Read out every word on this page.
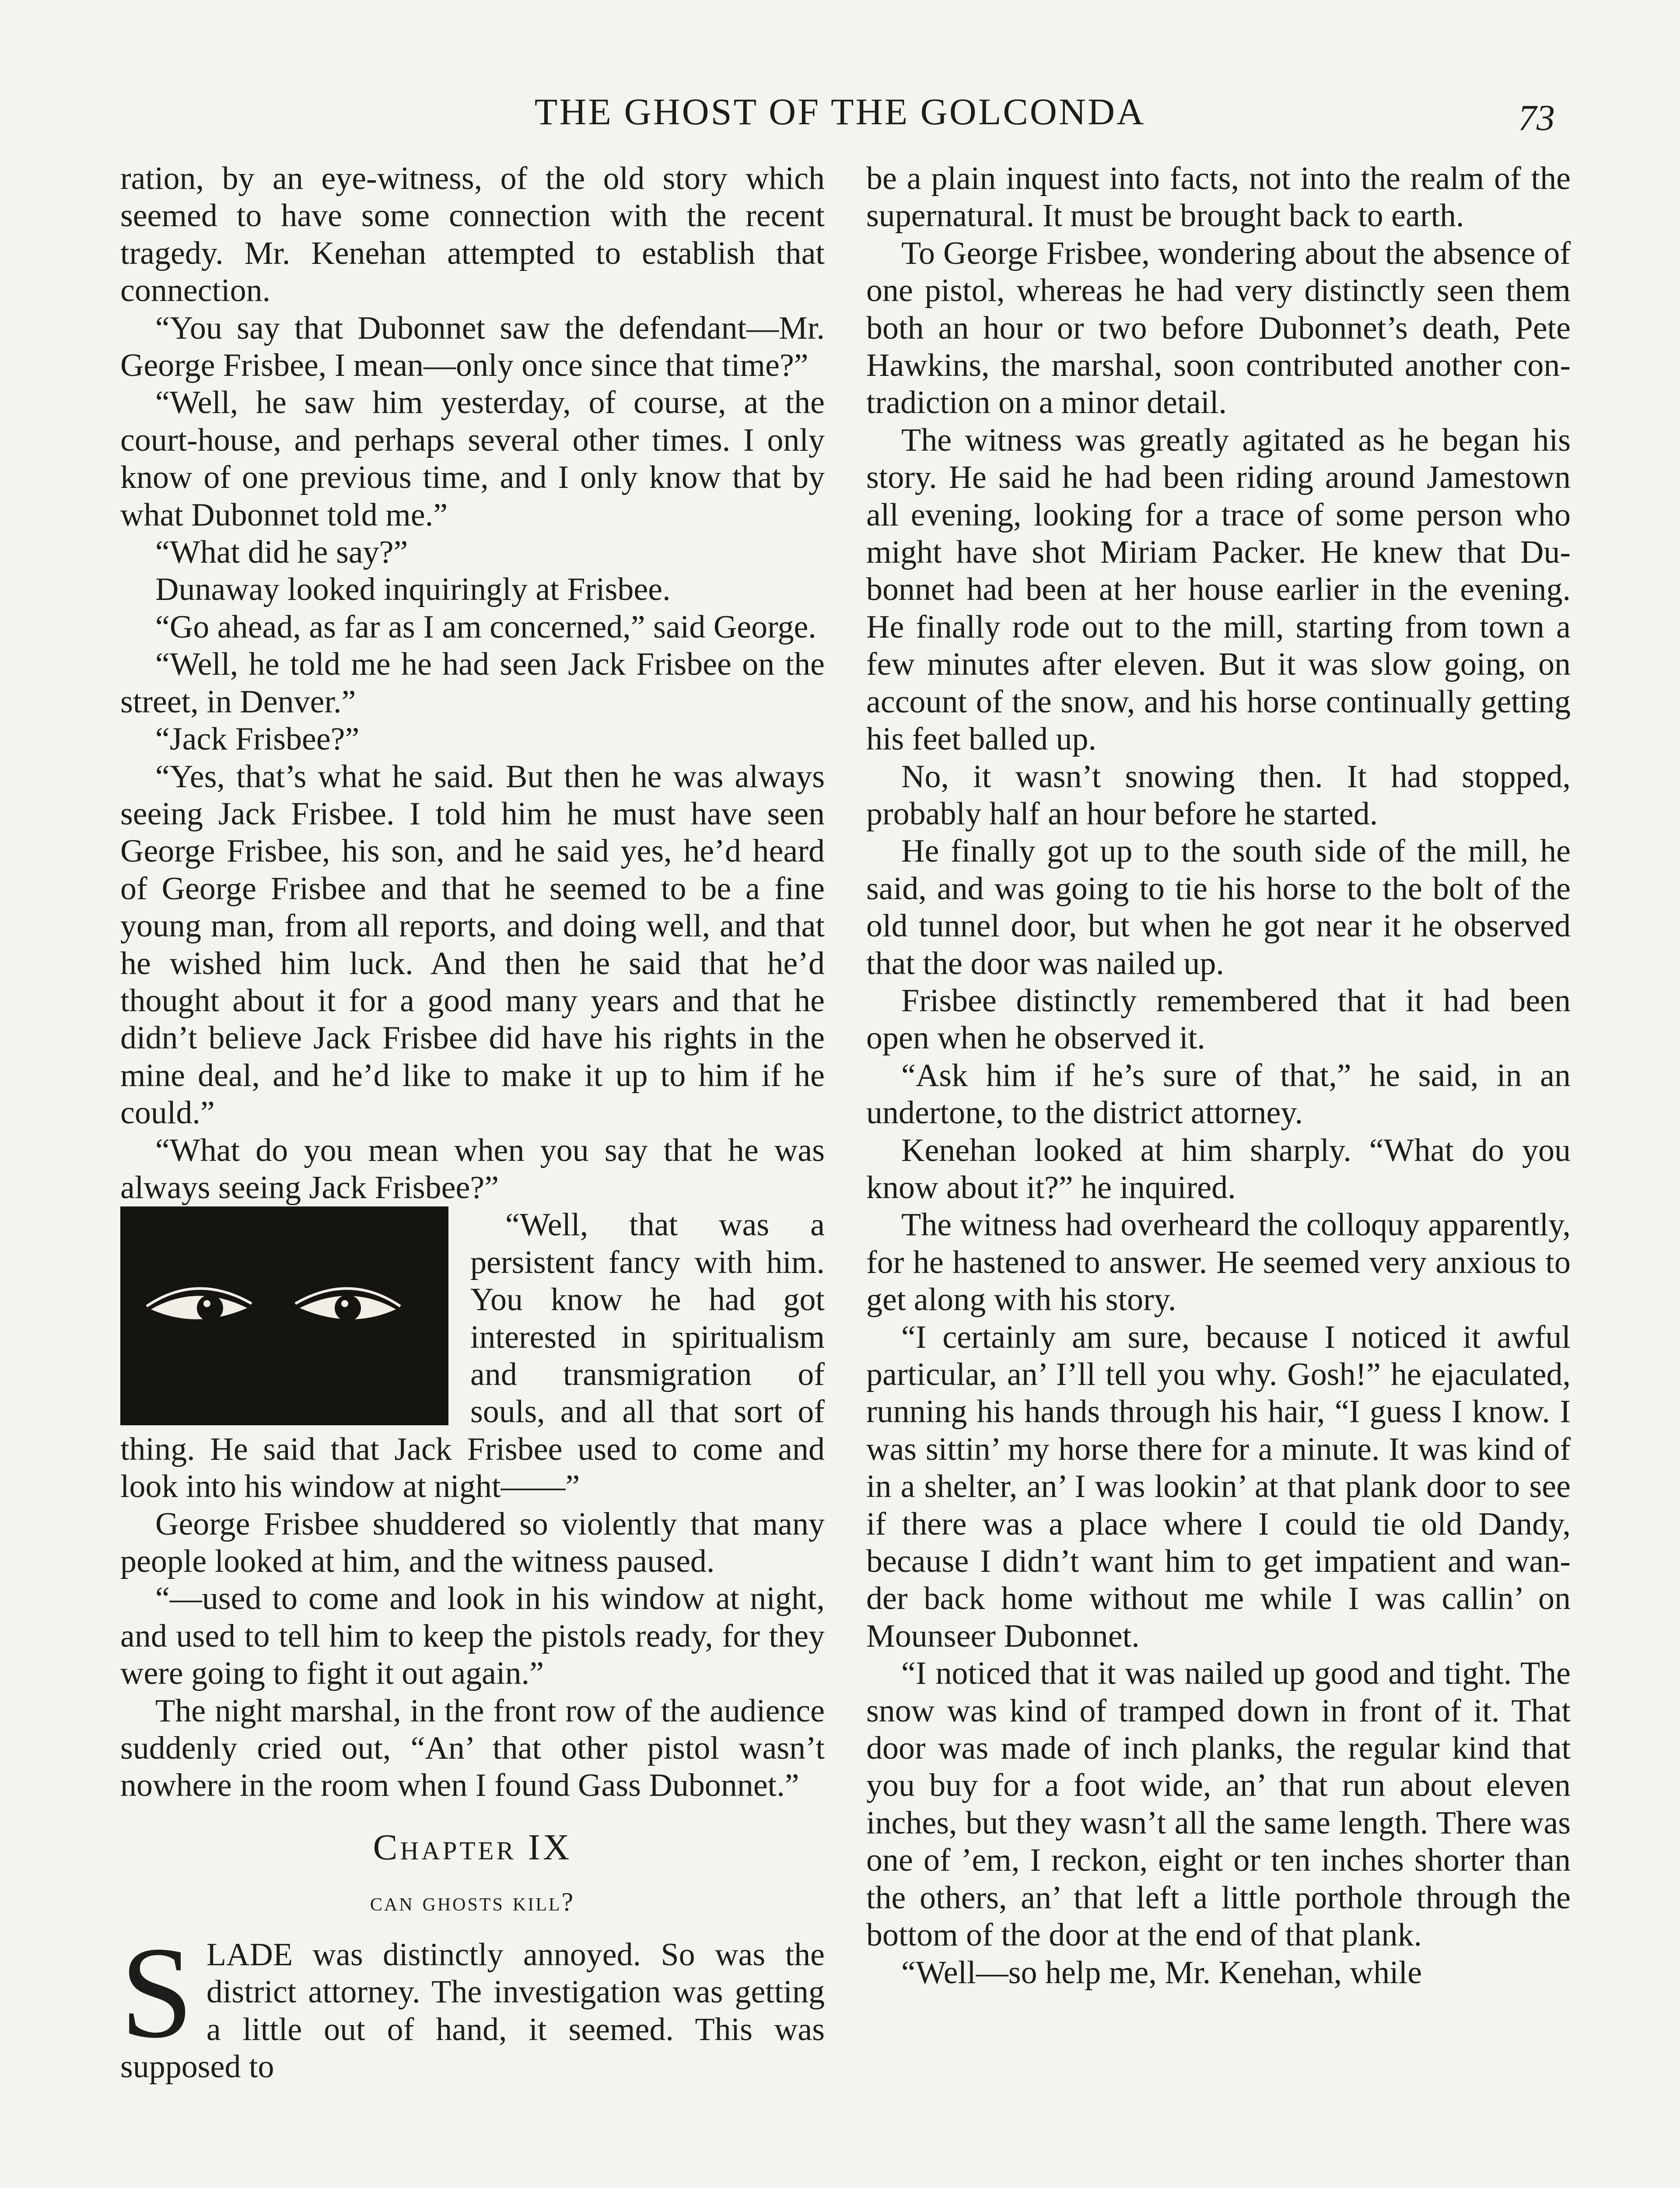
THE GHOST OF THE GOLCONDA	73

ration, by an eye-witness, of the old story which seemed to have some connection with the recent tragedy. Mr. Kenehan attempted to establish that connection.

“You say that Dubonnet saw the defendant—Mr. George Frisbee, I mean—only once since that time?”

“Well, he saw him yesterday, of course, at the court-house, and perhaps several other times. I only know of one previous time, and I only know that by what Dubonnet told me.”

“What did he say?”

Dunaway looked inquiringly at Frisbee.

“Go ahead, as far as I am concerned,” said George.

“Well, he told me he had seen Jack Frisbee on the street, in Denver.”

“Jack Frisbee?”

“Yes, that’s what he said. But then he was always seeing Jack Frisbee. I told him he must have seen George Frisbee, his son, and he said yes, he’d heard of George Frisbee and that he seemed to be a fine young man, from all reports, and doing well, and that he wished him luck. And then he said that he’d thought about it for a good many years and that he didn’t believe Jack Frisbee did have his rights in the mine deal, and he’d like to make it up to him if he could.”

“What do you mean when you say that he was always seeing Jack Frisbee?”

“Well, that was a persistent fancy with him. You know he had got interested in spiritualism and transmigration of souls, and all that sort of thing. He said that Jack Frisbee used to come and look into his window at night——”

George Frisbee shuddered so violently that many people looked at him, and the witness paused.

“—used to come and look in his window at night, and used to tell him to keep the pistols ready, for they were going to fight it out again.”

The night marshal, in the front row of the audience suddenly cried out, “An’ that other pistol wasn’t nowhere in the room when I found Gass Dubonnet.”

Chapter IX

can ghosts kill?

SLADE was distinctly annoyed. So was the district attorney. The investigation was getting a little out of hand, it seemed. This was supposed to

be a plain inquest into facts, not into the realm of the supernatural. It must be brought back to earth.

To George Frisbee, wondering about the absence of one pistol, whereas he had very distinctly seen them both an hour or two before Dubonnet’s death, Pete Hawkins, the marshal, soon contributed another contradiction on a minor detail.

The witness was greatly agitated as he began his story. He said he had been riding around Jamestown all evening, looking for a trace of some person who might have shot Miriam Packer. He knew that Dubonnet had been at her house earlier in the evening. He finally rode out to the mill, starting from town a few minutes after eleven. But it was slow going, on account of the snow, and his horse continually getting his feet balled up.

No, it wasn’t snowing then. It had stopped, probably half an hour before he started.

He finally got up to the south side of the mill, he said, and was going to tie his horse to the bolt of the old tunnel door, but when he got near it he observed that the door was nailed up.

Frisbee distinctly remembered that it had been open when he observed it.

“Ask him if he’s sure of that,” he said, in an undertone, to the district attorney.

Kenehan looked at him sharply. “What do you know about it?” he inquired.

The witness had overheard the colloquy apparently, for he hastened to answer. He seemed very anxious to get along with his story.

“I certainly am sure, because I noticed it awful particular, an’ I’ll tell you why. Gosh!” he ejaculated, running his hands through his hair, “I guess I know. I was sittin’ my horse there for a minute. It was kind of in a shelter, an’ I was lookin’ at that plank door to see if there was a place where I could tie old Dandy, because I didn’t want him to get impatient and wander back home without me while I was callin’ on Mounseer Dubonnet.

“I noticed that it was nailed up good and tight. The snow was kind of tramped down in front of it. That door was made of inch planks, the regular kind that you buy for a foot wide, an’ that run about eleven inches, but they wasn’t all the same length. There was one of ’em, I reckon, eight or ten inches shorter than the others, an’ that left a little porthole through the bottom of the door at the end of that plank.

“Well—so help me, Mr. Kenehan, while
